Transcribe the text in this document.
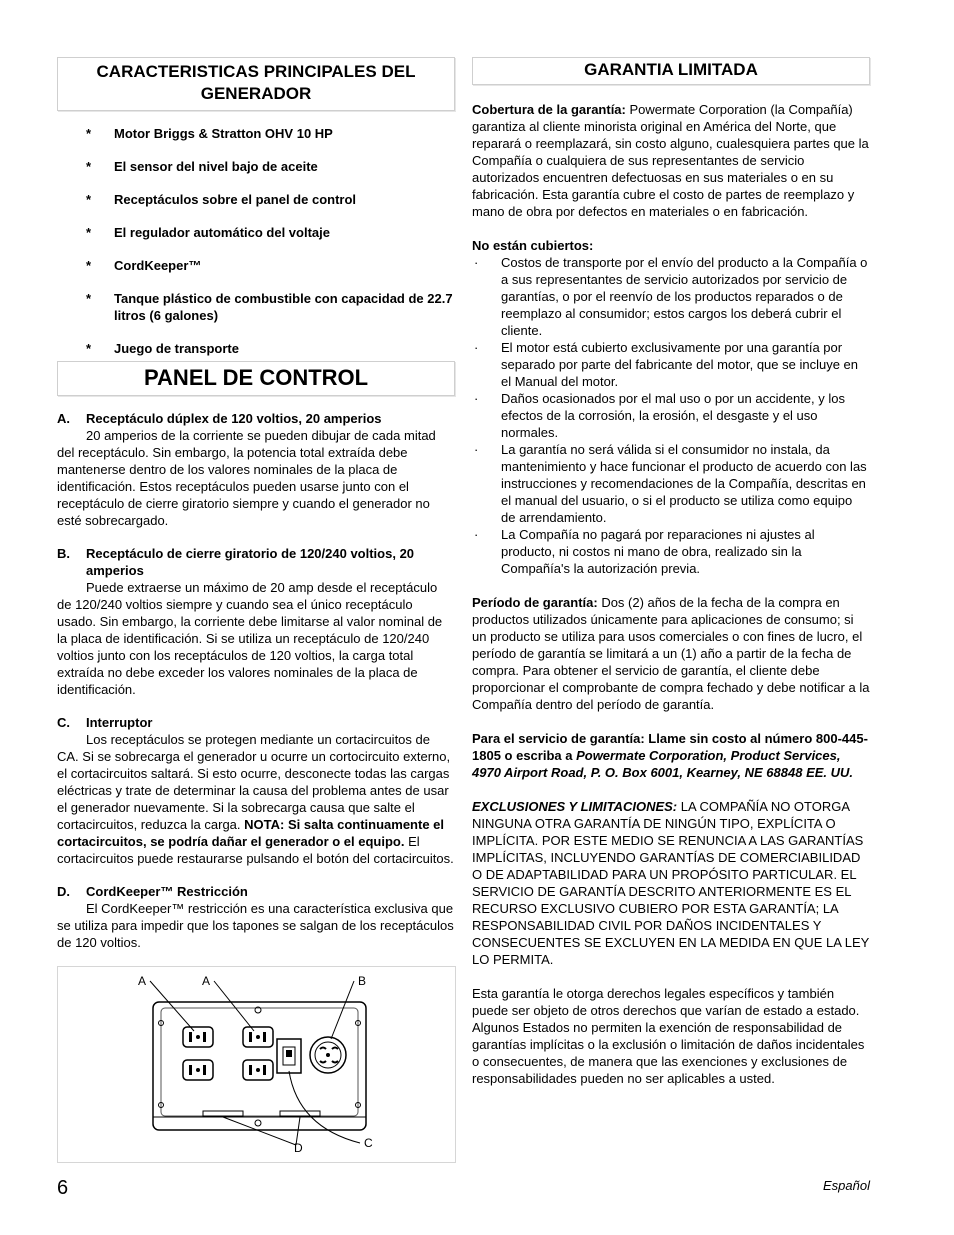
CARACTERISTICAS PRINCIPALES DEL GENERADOR
* Motor Briggs & Stratton OHV 10 HP
* El sensor del nivel bajo de aceite
* Receptáculos sobre el panel de control
* El regulador automático del voltaje
* CordKeeper™
* Tanque plástico de combustible con capacidad de 22.7 litros (6 galones)
* Juego de transporte
PANEL DE CONTROL
A. Receptáculo dúplex de 120 voltios, 20 amperios

20 amperios de la corriente se pueden dibujar de cada mitad del receptáculo. Sin embargo, la potencia total extraída debe mantenerse dentro de los valores nominales de la placa de identificación. Estos receptáculos pueden usarse junto con el receptáculo de cierre giratorio siempre y cuando el generador no esté sobrecargado.

B. Receptáculo de cierre giratorio de 120/240 voltios, 20 amperios

Puede extraerse un máximo de 20 amp desde el receptáculo de 120/240 voltios siempre y cuando sea el único receptáculo usado. Sin embargo, la corriente debe limitarse al valor nominal de la placa de identificación. Si se utiliza un receptáculo de 120/240 voltios junto con los receptáculos de 120 voltios, la carga total extraída no debe exceder los valores nominales de la placa de identificación.

C. Interruptor

Los receptáculos se protegen mediante un cortacircuitos de CA. Si se sobrecarga el generador u ocurre un cortocircuito externo, el cortacircuitos saltará. Si esto ocurre, desconecte todas las cargas eléctricas y trate de determinar la causa del problema antes de usar el generador nuevamente. Si la sobrecarga causa que salte el cortacircuitos, reduzca la carga. NOTA: Si salta continuamente el cortacircuitos, se podría dañar el generador o el equipo. El cortacircuitos puede restaurarse pulsando el botón del cortacircuitos.

D. CordKeeper™ Restricción

El CordKeeper™ restricción es una característica exclusiva que se utiliza para impedir que los tapones se salgan de los receptáculos de 120 voltios.

A	A	B
C
D
GARANTIA LIMITADA
Cobertura de la garantía: Powermate Corporation (la Compañía) garantiza al cliente minorista original en América del Norte, que reparará o reemplazará, sin costo alguno, cualesquiera partes que la Compañía o cualquiera de sus representantes de servicio autorizados encuentren defectuosas en sus materiales o en su fabricación. Esta garantía cubre el costo de partes de reemplazo y mano de obra por defectos en materiales o en fabricación.
No están cubiertos:
· Costos de transporte por el envío del producto a la Compañía o a sus representantes de servicio autorizados por servicio de garantías, o por el reenvío de los productos reparados o de reemplazo al consumidor; estos cargos los deberá cubrir el cliente.
· El motor está cubierto exclusivamente por una garantía por separado por parte del fabricante del motor, que se incluye en el Manual del motor.
· Daños ocasionados por el mal uso o por un accidente, y los efectos de la corrosión, la erosión, el desgaste y el uso normales.
· La garantía no será válida si el consumidor no instala, da mantenimiento y hace funcionar el producto de acuerdo con las instrucciones y recomendaciones de la Compañía, descritas en el manual del usuario, o si el producto se utiliza como equipo de arrendamiento.
· La Compañía no pagará por reparaciones ni ajustes al producto, ni costos ni mano de obra, realizado sin la Compañía's la autorización previa.
Período de garantía: Dos (2) años de la fecha de la compra en productos utilizados únicamente para aplicaciones de consumo; si un producto se utiliza para usos comerciales o con fines de lucro, el período de garantía se limitará a un (1) año a partir de la fecha de compra. Para obtener el servicio de garantía, el cliente debe proporcionar el comprobante de compra fechado y debe notificar a la Compañía dentro del período de garantía.
Para el servicio de garantía: Llame sin costo al número 800-445-1805 o escriba a Powermate Corporation, Product Services, 4970 Airport Road, P. O. Box 6001, Kearney, NE 68848 EE. UU.
EXCLUSIONES Y LIMITACIONES: LA COMPAÑÍA NO OTORGA NINGUNA OTRA GARANTÍA DE NINGÚN TIPO, EXPLÍCITA O IMPLÍCITA. POR ESTE MEDIO SE RENUNCIA A LAS GARANTÍAS IMPLÍCITAS, INCLUYENDO GARANTÍAS DE COMERCIABILIDAD O DE ADAPTABILIDAD PARA UN PROPÓSITO PARTICULAR. EL SERVICIO DE GARANTÍA DESCRITO ANTERIORMENTE ES EL RECURSO EXCLUSIVO CUBIERO POR ESTA GARANTÍA; LA RESPONSABILIDAD CIVIL POR DAÑOS INCIDENTALES Y CONSECUENTES SE EXCLUYEN EN LA MEDIDA EN QUE LA LEY LO PERMITA.
Esta garantía le otorga derechos legales específicos y también puede ser objeto de otros derechos que varían de estado a estado. Algunos Estados no permiten la exención de responsabilidad de garantías implícitas o la exclusión o limitación de daños incidentales o consecuentes, de manera que las exenciones y exclusiones de responsabilidades pueden no ser aplicables a usted.
6	Español
